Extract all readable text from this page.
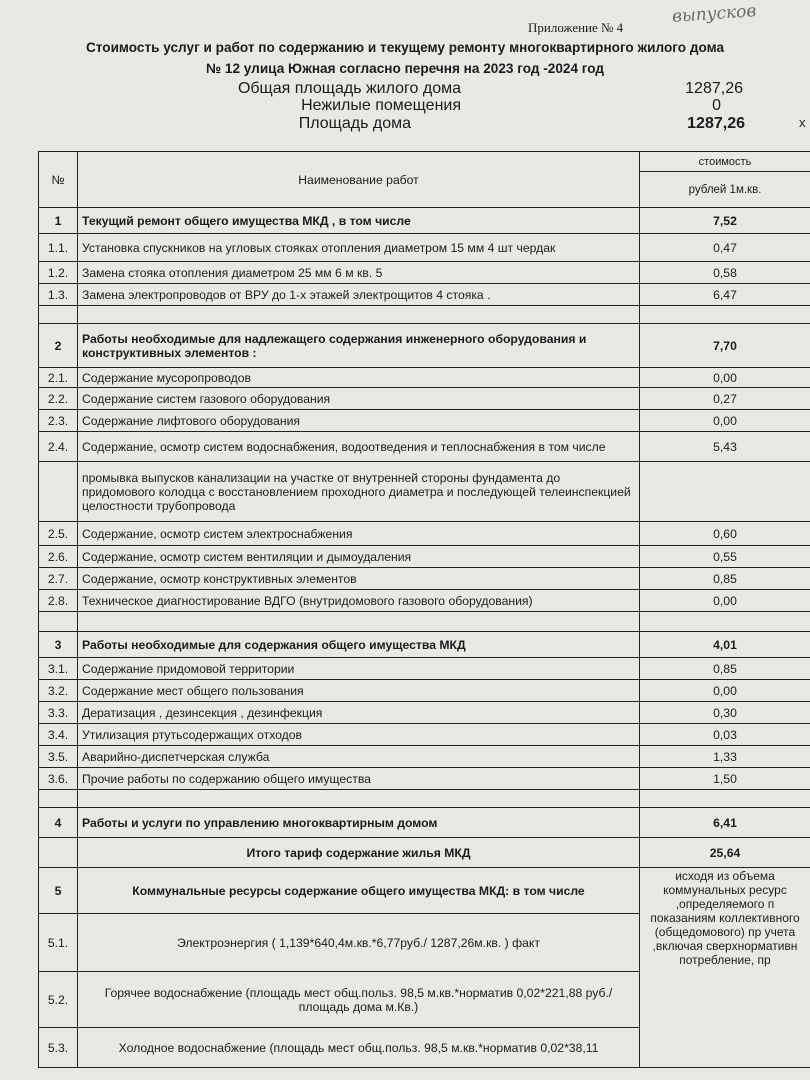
Приложение № 4
выпусков
Стоимость услуг и работ по содержанию и текущему ремонту многоквартирного жилого дома
№ 12 улица Южная согласно перечня на 2023 год -2024 год
Общая площадь жилого дома	1287,26
Нежилые помещения	0
Площадь дома	1287,26	х
№	Наименование работ	стоимость
		рублей 1м.кв.
1	Текущий ремонт общего имущества МКД , в том числе	7,52
1.1.	Установка спускников на угловых стояках отопления диаметром 15 мм 4 шт чердак	0,47
1.2.	Замена стояка отопления диаметром 25 мм 6 м кв. 5	0,58
1.3.	Замена электропроводов от ВРУ до 1-х этажей электрощитов 4 стояка .	6,47

2	Работы необходимые для надлежащего содержания инженерного оборудования и конструктивных элементов :	7,70
2.1.	Содержание мусоропроводов	0,00
2.2.	Содержание систем газового оборудования	0,27
2.3.	Содержание лифтового оборудования	0,00
2.4.	Содержание, осмотр систем водоснабжения, водоотведения и теплоснабжения в том числе	5,43
	промывка выпусков канализации на участке от внутренней стороны фундамента до придомового колодца с восстановлением проходного диаметра и последующей телеинспекцией целостности трубопровода	
2.5.	Содержание, осмотр систем электроснабжения	0,60
2.6.	Содержание, осмотр систем вентиляции и дымоудаления	0,55
2.7.	Содержание, осмотр конструктивных элементов	0,85
2.8.	Техническое диагностирование ВДГО (внутридомового газового оборудования)	0,00

3	Работы необходимые для содержания общего имущества МКД	4,01
3.1.	Содержание придомовой территории	0,85
3.2.	Содержание мест общего пользования	0,00
3.3.	Дератизация , дезинсекция , дезинфекция	0,30
3.4.	Утилизация ртутьсодержащих отходов	0,03
3.5.	Аварийно-диспетчерская служба	1,33
3.6.	Прочие работы по содержанию общего имущества	1,50

4	Работы и услуги по управлению многоквартирным домом	6,41
	Итого тариф содержание жилья МКД	25,64
5	Коммунальные ресурсы содержание общего имущества МКД: в том числе	исходя из объема коммунальных ресурс ,определяемого п показаниям коллективного (общедомового) пр учета ,включая сверхнормативн потребление, пр
5.1.	Электроэнергия ( 1,139*640,4м.кв.*6,77руб./ 1287,26м.кв. ) факт	
5.2.	Горячее водоснабжение (площадь мест общ.польз. 98,5 м.кв.*норматив 0,02*221,88 руб./площадь дома м.Кв.)	
5.3.	Холодное водоснабжение (площадь мест общ.польз. 98,5 м.кв.*норматив 0,02*38,11	
